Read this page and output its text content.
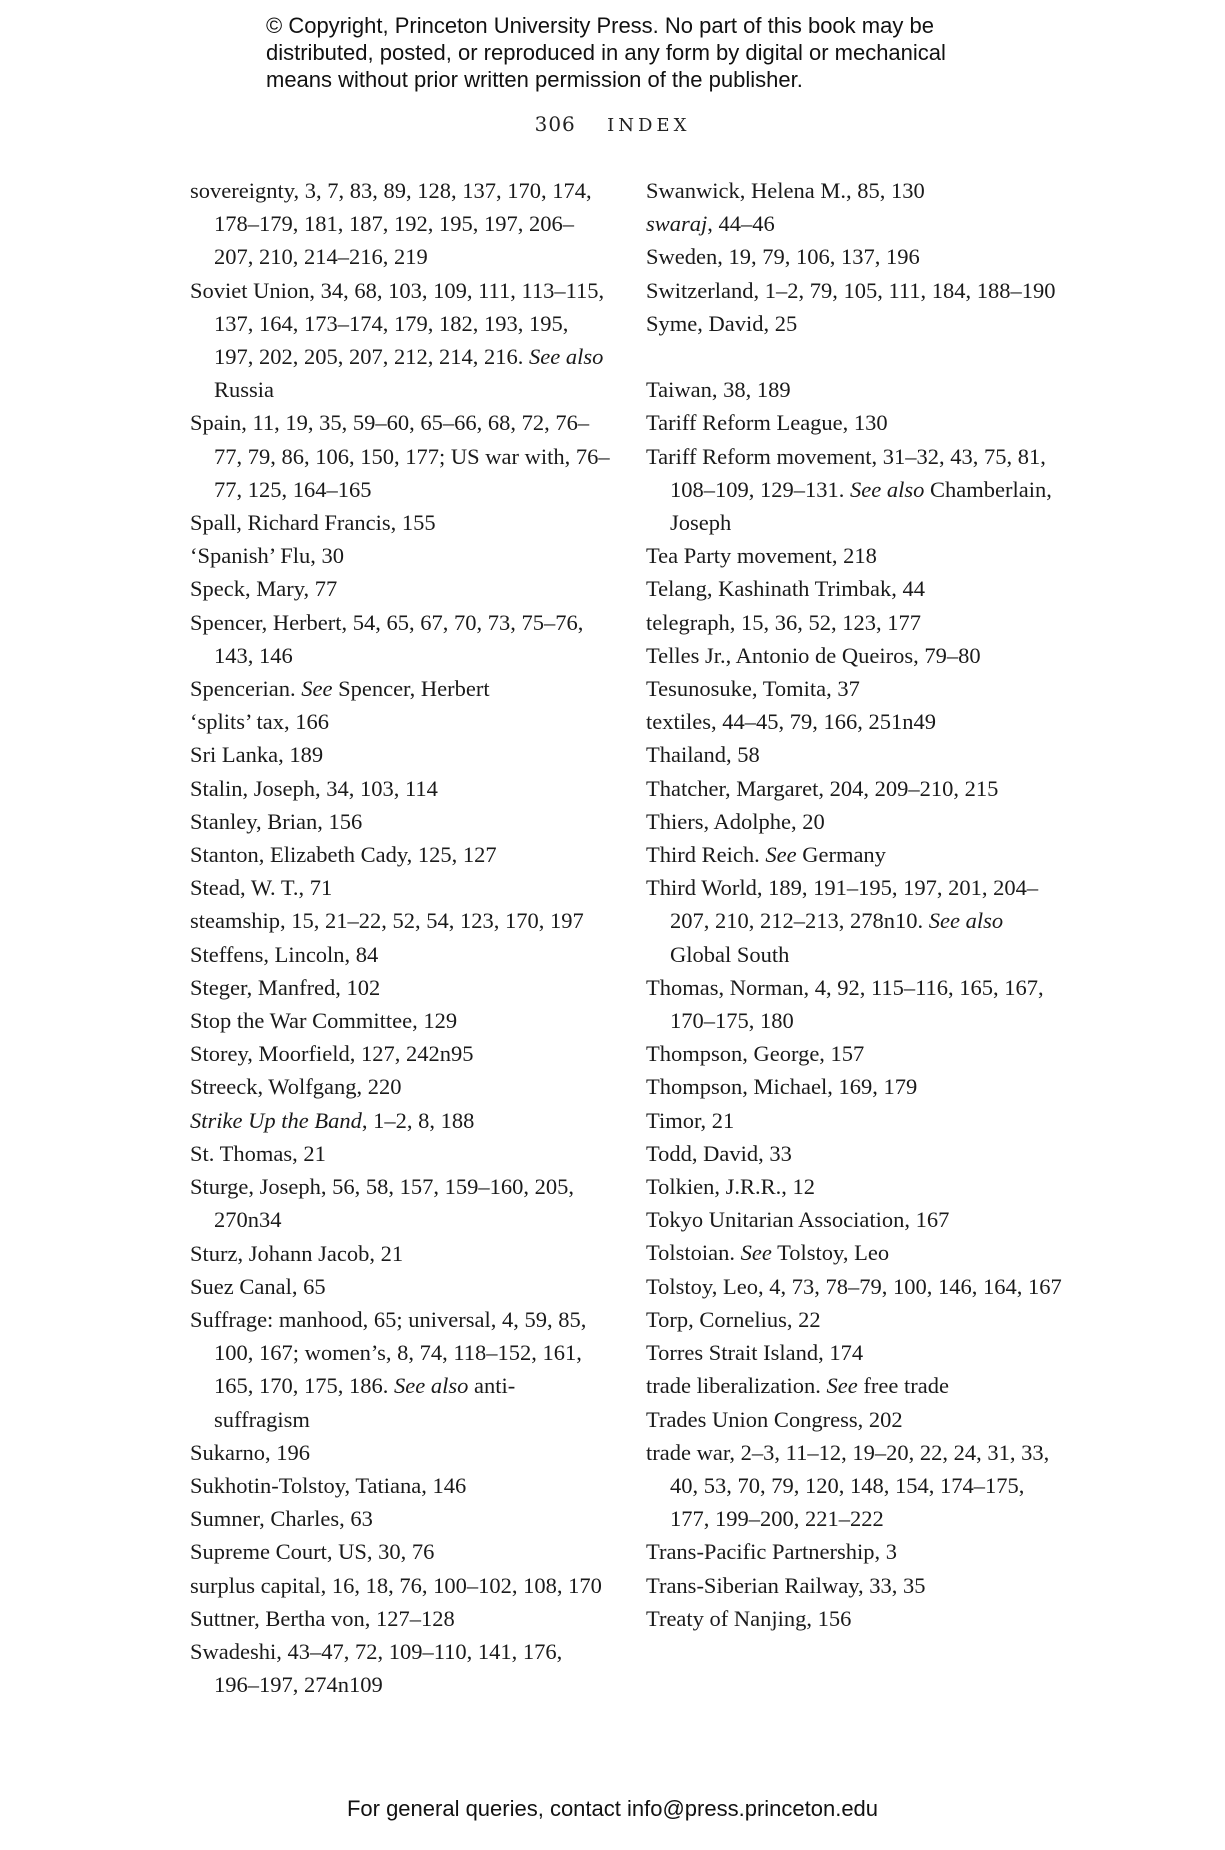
© Copyright, Princeton University Press. No part of this book may be
distributed, posted, or reproduced in any form by digital or mechanical
means without prior written permission of the publisher.
306 INDEX
sovereignty, 3, 7, 83, 89, 128, 137, 170, 174, 178–179, 181, 187, 192, 195, 197, 206–207, 210, 214–216, 219
Soviet Union, 34, 68, 103, 109, 111, 113–115, 137, 164, 173–174, 179, 182, 193, 195, 197, 202, 205, 207, 212, 214, 216. See also Russia
Spain, 11, 19, 35, 59–60, 65–66, 68, 72, 76–77, 79, 86, 106, 150, 177; US war with, 76–77, 125, 164–165
Spall, Richard Francis, 155
‘Spanish’ Flu, 30
Speck, Mary, 77
Spencer, Herbert, 54, 65, 67, 70, 73, 75–76, 143, 146
Spencerian. See Spencer, Herbert
‘splits’ tax, 166
Sri Lanka, 189
Stalin, Joseph, 34, 103, 114
Stanley, Brian, 156
Stanton, Elizabeth Cady, 125, 127
Stead, W. T., 71
steamship, 15, 21–22, 52, 54, 123, 170, 197
Steffens, Lincoln, 84
Steger, Manfred, 102
Stop the War Committee, 129
Storey, Moorfield, 127, 242n95
Streeck, Wolfgang, 220
Strike Up the Band, 1–2, 8, 188
St. Thomas, 21
Sturge, Joseph, 56, 58, 157, 159–160, 205, 270n34
Sturz, Johann Jacob, 21
Suez Canal, 65
Suffrage: manhood, 65; universal, 4, 59, 85, 100, 167; women’s, 8, 74, 118–152, 161, 165, 170, 175, 186. See also anti-suffragism
Sukarno, 196
Sukhotin-Tolstoy, Tatiana, 146
Sumner, Charles, 63
Supreme Court, US, 30, 76
surplus capital, 16, 18, 76, 100–102, 108, 170
Suttner, Bertha von, 127–128
Swadeshi, 43–47, 72, 109–110, 141, 176, 196–197, 274n109
Swanwick, Helena M., 85, 130
swaraj, 44–46
Sweden, 19, 79, 106, 137, 196
Switzerland, 1–2, 79, 105, 111, 184, 188–190
Syme, David, 25
Taiwan, 38, 189
Tariff Reform League, 130
Tariff Reform movement, 31–32, 43, 75, 81, 108–109, 129–131. See also Chamberlain, Joseph
Tea Party movement, 218
Telang, Kashinath Trimbak, 44
telegraph, 15, 36, 52, 123, 177
Telles Jr., Antonio de Queiros, 79–80
Tesunosuke, Tomita, 37
textiles, 44–45, 79, 166, 251n49
Thailand, 58
Thatcher, Margaret, 204, 209–210, 215
Thiers, Adolphe, 20
Third Reich. See Germany
Third World, 189, 191–195, 197, 201, 204–207, 210, 212–213, 278n10. See also Global South
Thomas, Norman, 4, 92, 115–116, 165, 167, 170–175, 180
Thompson, George, 157
Thompson, Michael, 169, 179
Timor, 21
Todd, David, 33
Tolkien, J.R.R., 12
Tokyo Unitarian Association, 167
Tolstoian. See Tolstoy, Leo
Tolstoy, Leo, 4, 73, 78–79, 100, 146, 164, 167
Torp, Cornelius, 22
Torres Strait Island, 174
trade liberalization. See free trade
Trades Union Congress, 202
trade war, 2–3, 11–12, 19–20, 22, 24, 31, 33, 40, 53, 70, 79, 120, 148, 154, 174–175, 177, 199–200, 221–222
Trans-Pacific Partnership, 3
Trans-Siberian Railway, 33, 35
Treaty of Nanjing, 156
For general queries, contact info@press.princeton.edu
